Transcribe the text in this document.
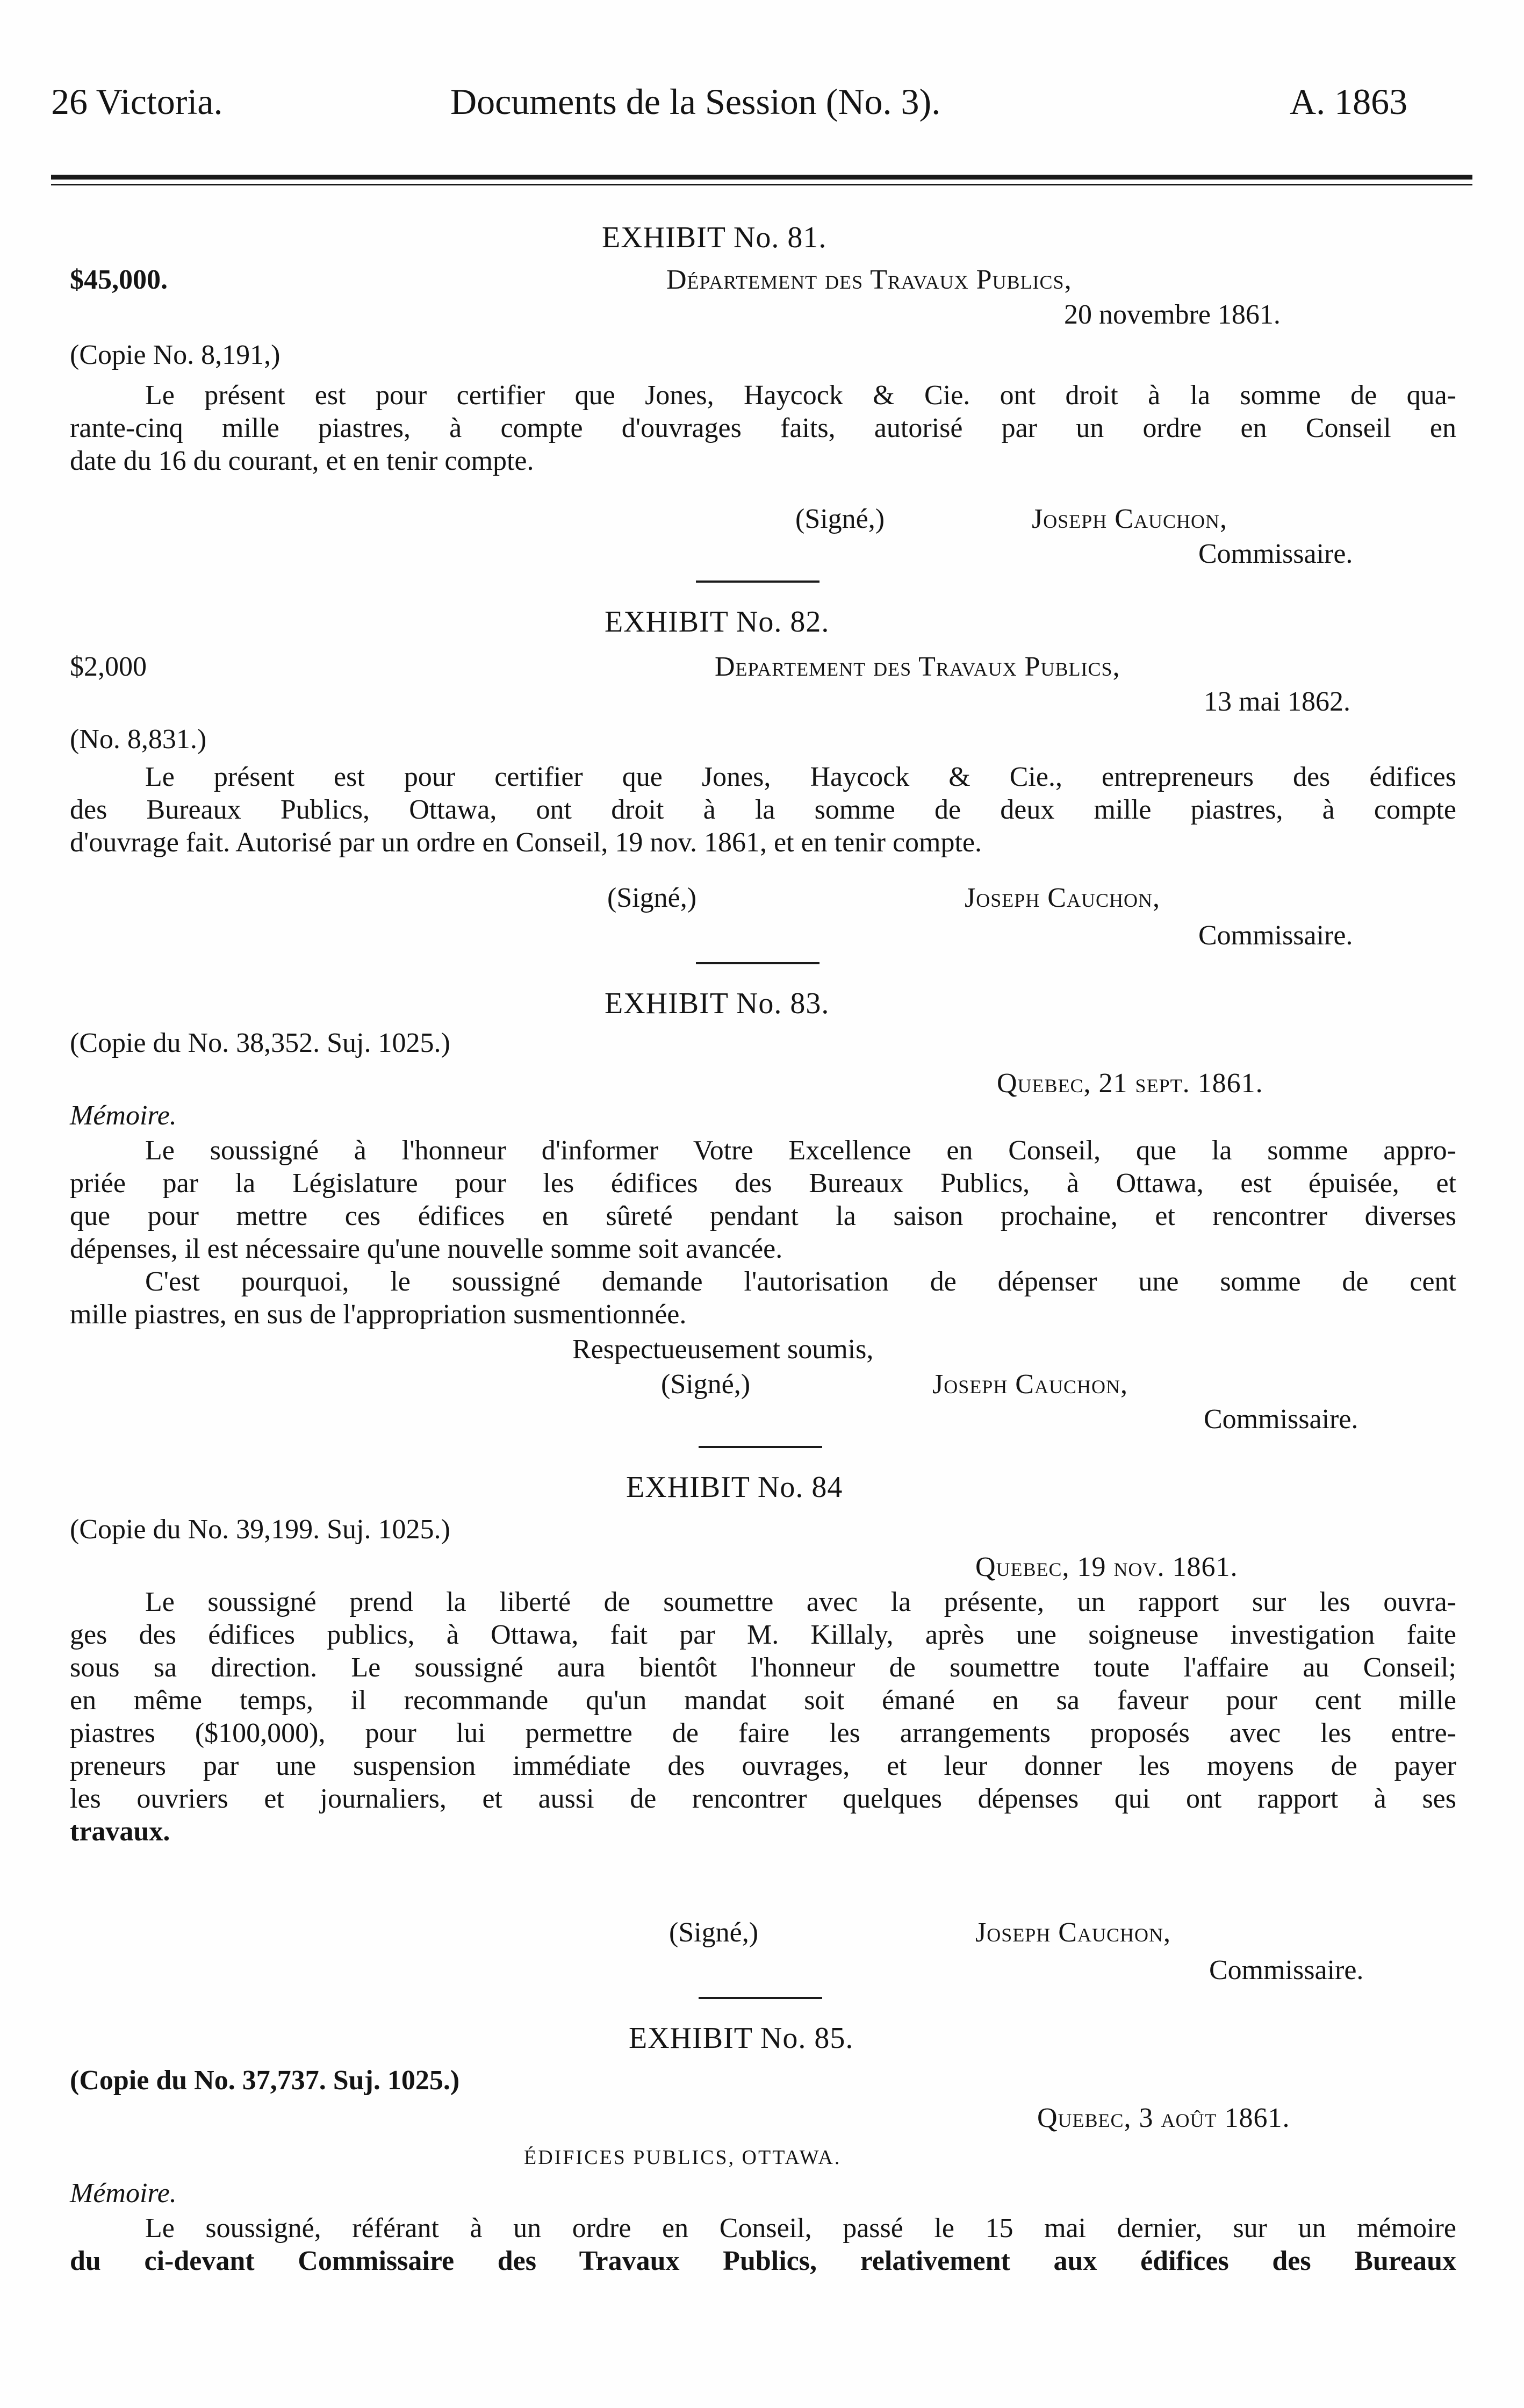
26 Victoria.	Documents de la Session (No. 3).	A. 1863
EXHIBIT No. 81.
$45,000.	Département des Travaux Publics,
20 novembre 1861.
(Copie No. 8,191,)
Le présent est pour certifier que Jones, Haycock & Cie. ont droit à la somme de qua-
rante-cinq mille piastres, à compte d'ouvrages faits, autorisé par un ordre en Conseil en
date du 16 du courant, et en tenir compte.
(Signé,)	Joseph Cauchon,
Commissaire.
EXHIBIT No. 82.
$2,000	Departement des Travaux Publics,
13 mai 1862.
(No. 8,831.)
Le présent est pour certifier que Jones, Haycock & Cie., entrepreneurs des édifices
des Bureaux Publics, Ottawa, ont droit à la somme de deux mille piastres, à compte
d'ouvrage fait. Autorisé par un ordre en Conseil, 19 nov. 1861, et en tenir compte.
(Signé,)	Joseph Cauchon,
Commissaire.
EXHIBIT No. 83.
(Copie du No. 38,352. Suj. 1025.)
Quebec, 21 sept. 1861.
Mémoire.
Le soussigné à l'honneur d'informer Votre Excellence en Conseil, que la somme appro-
priée par la Législature pour les édifices des Bureaux Publics, à Ottawa, est épuisée, et
que pour mettre ces édifices en sûreté pendant la saison prochaine, et rencontrer diverses
dépenses, il est nécessaire qu'une nouvelle somme soit avancée.
C'est pourquoi, le soussigné demande l'autorisation de dépenser une somme de cent
mille piastres, en sus de l'appropriation susmentionnée.
Respectueusement soumis,
(Signé,)	Joseph Cauchon,
Commissaire.
EXHIBIT No. 84
(Copie du No. 39,199. Suj. 1025.)
Quebec, 19 nov. 1861.
Le soussigné prend la liberté de soumettre avec la présente, un rapport sur les ouvra-
ges des édifices publics, à Ottawa, fait par M. Killaly, après une soigneuse investigation faite
sous sa direction. Le soussigné aura bientôt l'honneur de soumettre toute l'affaire au Conseil;
en même temps, il recommande qu'un mandat soit émané en sa faveur pour cent mille
piastres ($100,000), pour lui permettre de faire les arrangements proposés avec les entre-
preneurs par une suspension immédiate des ouvrages, et leur donner les moyens de payer
les ouvriers et journaliers, et aussi de rencontrer quelques dépenses qui ont rapport à ses
travaux.
(Signé,)	Joseph Cauchon,
Commissaire.
EXHIBIT No. 85.
(Copie du No. 37,737. Suj. 1025.)
Quebec, 3 août 1861.
ÉDIFICES PUBLICS, OTTAWA.
Mémoire.
Le soussigné, référant à un ordre en Conseil, passé le 15 mai dernier, sur un mémoire
du ci-devant Commissaire des Travaux Publics, relativement aux édifices des Bureaux
